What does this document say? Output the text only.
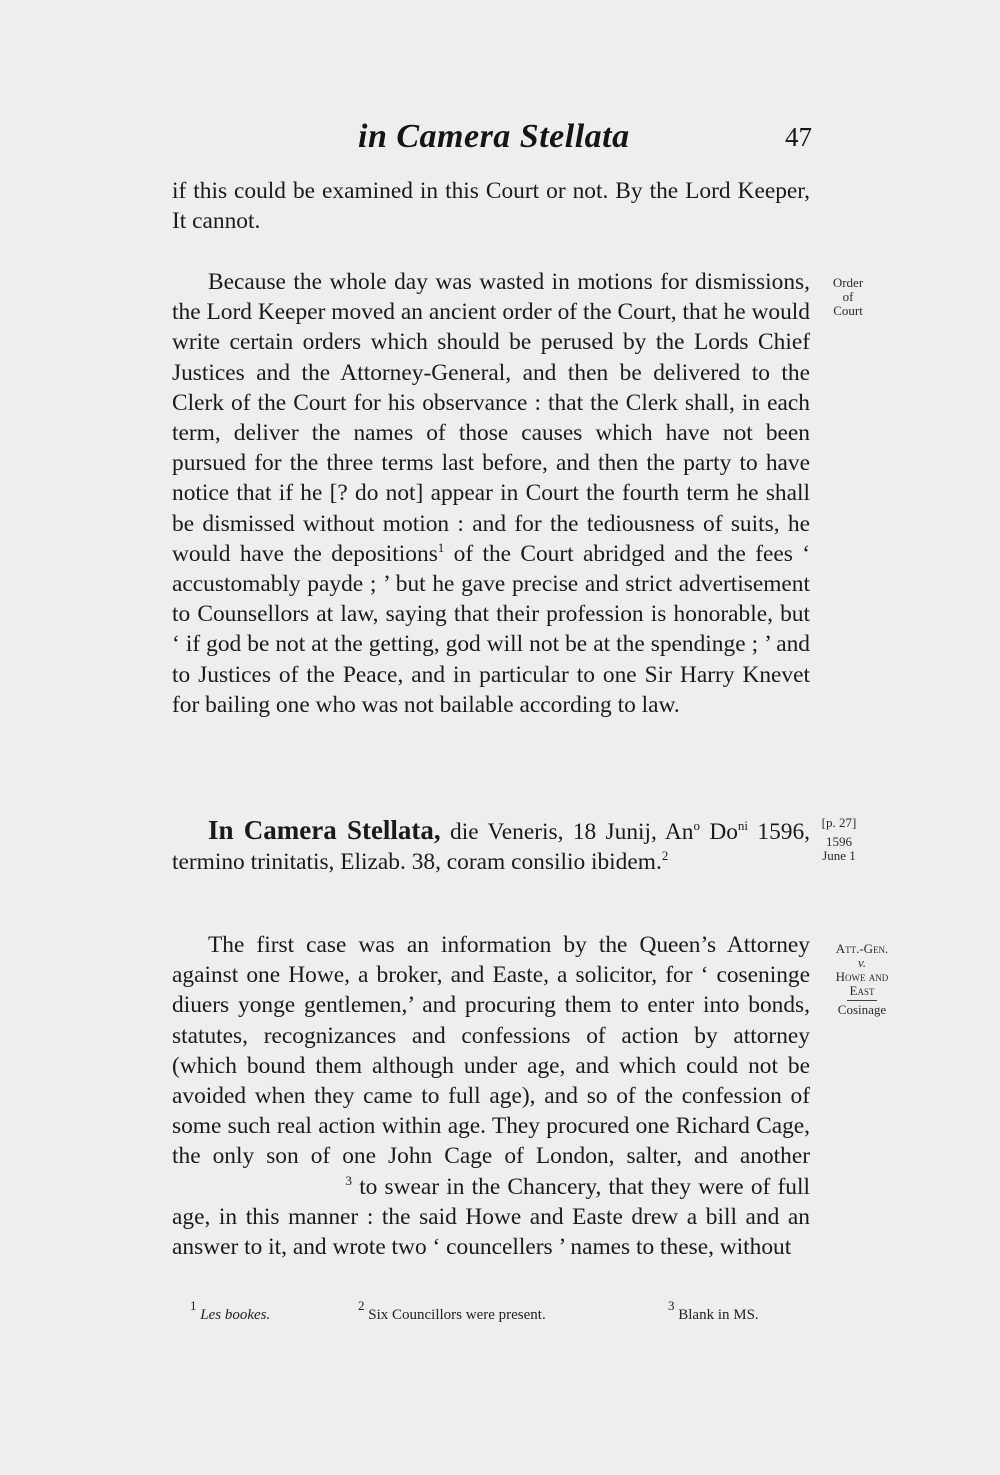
in Camera Stellata	47

if this could be examined in this Court or not. By the Lord Keeper, It cannot.

Because the whole day was wasted in motions for dismissions, the Lord Keeper moved an ancient order of the Court, that he would write certain orders which should be perused by the Lords Chief Justices and the Attorney-General, and then be delivered to the Clerk of the Court for his observance : that the Clerk shall, in each term, deliver the names of those causes which have not been pursued for the three terms last before, and then the party to have notice that if he [? do not] appear in Court the fourth term he shall be dismissed without motion : and for the tediousness of suits, he would have the depositions$^1$ of the Court abridged and the fees ‘ accustomably payde ; ’ but he gave precise and strict advertisement to Counsellors at law, saying that their profession is honorable, but ‘ if god be not at the getting, god will not be at the spendinge ; ’ and to Justices of the Peace, and in particular to one Sir Harry Knevet for bailing one who was not bailable according to law.

In Camera Stellata, die Veneris, 18 Junij, An$^o$ $Do^{ni}$ 1596, termino trinitatis, Elizab. 38, coram consilio ibidem.$^2$

The first case was an information by the Queen’s Attorney against one Howe, a broker, and Easte, a solicitor, for ‘ coseninge diuers yonge gentlemen,’ and procuring them to enter into bonds, statutes, recognizances and confessions of action by attorney (which bound them although under age, and which could not be avoided when they came to full age), and so of the confession of some such real action within age. They procured one Richard Cage, the only son of one John Cage of London, salter, and another$^3$ to swear in the Chancery, that they were of full age, in this manner : the said Howe and Easte drew a bill and an answer to it, and wrote two ‘ councellers ’ names to these, without

Order of
Court
[p. 27]
1596
June 1
Att.-Gen.
v.
Howe and
East
Cosinage
$^1$ Les bookes.
$^2$ Six Councillors were present.
$^3$ Blank in MS.
